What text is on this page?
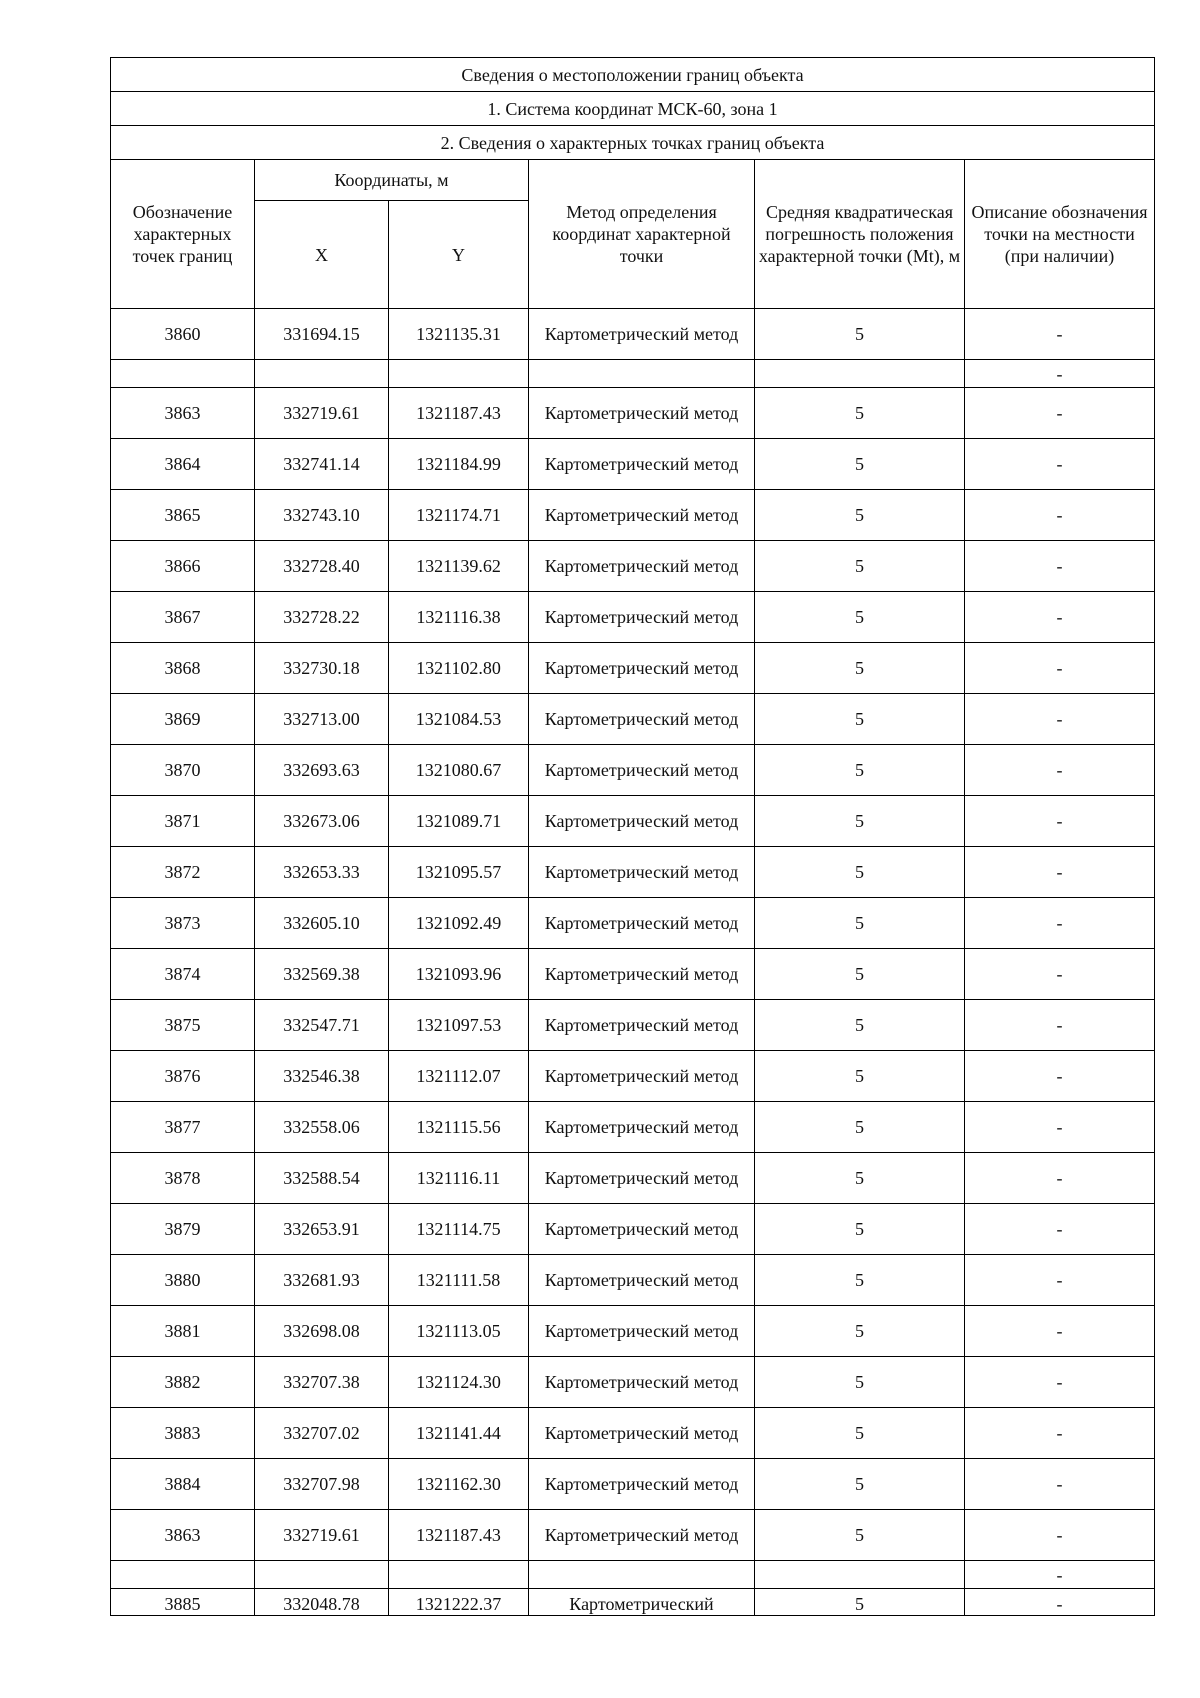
Сведения о местоположении границ объекта					
1. Система координат МСК-60, зона 1					
2. Сведения о характерных точках границ объекта					
Обозначение характерных точек границ	Координаты, м		Метод определения координат характерной точки	Средняя квадратическая погрешность положения характерной точки (Mt), м	Описание обозначения точки на местности (при наличии)
	X	Y			
3860	331694.15	1321135.31	Картометрический метод	5	-
					-
3863	332719.61	1321187.43	Картометрический метод	5	-
3864	332741.14	1321184.99	Картометрический метод	5	-
3865	332743.10	1321174.71	Картометрический метод	5	-
3866	332728.40	1321139.62	Картометрический метод	5	-
3867	332728.22	1321116.38	Картометрический метод	5	-
3868	332730.18	1321102.80	Картометрический метод	5	-
3869	332713.00	1321084.53	Картометрический метод	5	-
3870	332693.63	1321080.67	Картометрический метод	5	-
3871	332673.06	1321089.71	Картометрический метод	5	-
3872	332653.33	1321095.57	Картометрический метод	5	-
3873	332605.10	1321092.49	Картометрический метод	5	-
3874	332569.38	1321093.96	Картометрический метод	5	-
3875	332547.71	1321097.53	Картометрический метод	5	-
3876	332546.38	1321112.07	Картометрический метод	5	-
3877	332558.06	1321115.56	Картометрический метод	5	-
3878	332588.54	1321116.11	Картометрический метод	5	-
3879	332653.91	1321114.75	Картометрический метод	5	-
3880	332681.93	1321111.58	Картометрический метод	5	-
3881	332698.08	1321113.05	Картометрический метод	5	-
3882	332707.38	1321124.30	Картометрический метод	5	-
3883	332707.02	1321141.44	Картометрический метод	5	-
3884	332707.98	1321162.30	Картометрический метод	5	-
3863	332719.61	1321187.43	Картометрический метод	5	-
					-
3885	332048.78	1321222.37	Картометрический	5	-
